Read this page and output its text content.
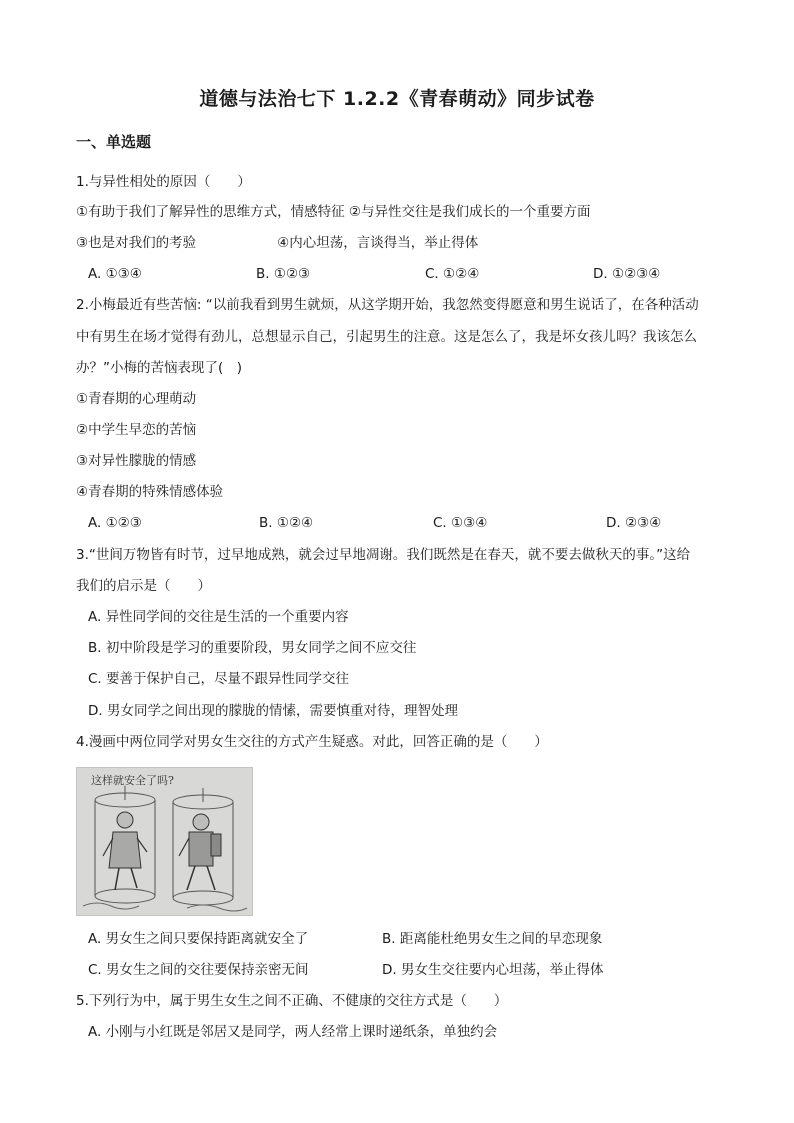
道德与法治七下 1.2.2《青春萌动》同步试卷
一、单选题
1.与异性相处的原因（　　）
①有助于我们了解异性的思维方式，情感特征 ②与异性交往是我们成长的一个重要方面
③也是对我们的考验　　　　　　④内心坦荡，言谈得当，举止得体
A. ①③④	B. ①②③	C. ①②④	D. ①②③④
2.小梅最近有些苦恼: “以前我看到男生就烦，从这学期开始，我忽然变得愿意和男生说话了，在各种活动
中有男生在场才觉得有劲儿，总想显示自己，引起男生的注意。这是怎么了，我是坏女孩儿吗？我该怎么
办？”小梅的苦恼表现了(　)
①青春期的心理萌动
②中学生早恋的苦恼
③对异性朦胧的情感
④青春期的特殊情感体验
A. ①②③	B. ①②④	C. ①③④	D. ②③④
3.“世间万物皆有时节，过早地成熟，就会过早地凋谢。我们既然是在春天，就不要去做秋天的事。”这给
我们的启示是（　　）
A. 异性同学间的交往是生活的一个重要内容
B. 初中阶段是学习的重要阶段，男女同学之间不应交往
C. 要善于保护自己，尽量不跟异性同学交往
D. 男女同学之间出现的朦胧的情愫，需要慎重对待，理智处理
4.漫画中两位同学对男女生交往的方式产生疑惑。对此，回答正确的是（　　）
这样就安全了吗?
A. 男女生之间只要保持距离就安全了	B. 距离能杜绝男女生之间的早恋现象
C. 男女生之间的交往要保持亲密无间	D. 男女生交往要内心坦荡，举止得体
5.下列行为中，属于男生女生之间不正确、不健康的交往方式是（　　）
A. 小刚与小红既是邻居又是同学，两人经常上课时递纸条，单独约会
